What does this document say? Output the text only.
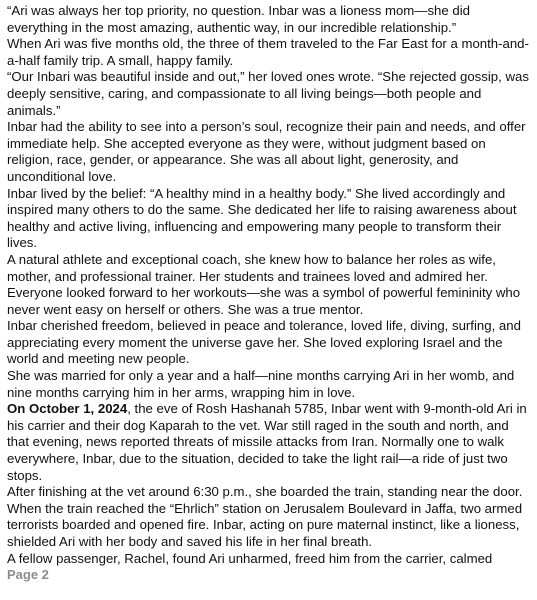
“Ari was always her top priority, no question. Inbar was a lioness mom—she did everything in the most amazing, authentic way, in our incredible relationship.”

When Ari was five months old, the three of them traveled to the Far East for a month-and-a-half family trip. A small, happy family.

“Our Inbari was beautiful inside and out,” her loved ones wrote. “She rejected gossip, was deeply sensitive, caring, and compassionate to all living beings—both people and animals.”

Inbar had the ability to see into a person’s soul, recognize their pain and needs, and offer immediate help. She accepted everyone as they were, without judgment based on religion, race, gender, or appearance. She was all about light, generosity, and unconditional love.

Inbar lived by the belief: “A healthy mind in a healthy body.” She lived accordingly and inspired many others to do the same. She dedicated her life to raising awareness about healthy and active living, influencing and empowering many people to transform their lives.

A natural athlete and exceptional coach, she knew how to balance her roles as wife, mother, and professional trainer. Her students and trainees loved and admired her. Everyone looked forward to her workouts—she was a symbol of powerful femininity who never went easy on herself or others. She was a true mentor.

Inbar cherished freedom, believed in peace and tolerance, loved life, diving, surfing, and appreciating every moment the universe gave her. She loved exploring Israel and the world and meeting new people.

She was married for only a year and a half—nine months carrying Ari in her womb, and nine months carrying him in her arms, wrapping him in love.

On October 1, 2024, the eve of Rosh Hashanah 5785, Inbar went with 9-month-old Ari in his carrier and their dog Kaparah to the vet. War still raged in the south and north, and that evening, news reported threats of missile attacks from Iran. Normally one to walk everywhere, Inbar, due to the situation, decided to take the light rail—a ride of just two stops.

After finishing at the vet around 6:30 p.m., she boarded the train, standing near the door.

When the train reached the “Ehrlich” station on Jerusalem Boulevard in Jaffa, two armed terrorists boarded and opened fire. Inbar, acting on pure maternal instinct, like a lioness, shielded Ari with her body and saved his life in her final breath.

A fellow passenger, Rachel, found Ari unharmed, freed him from the carrier, calmed

Page 2
